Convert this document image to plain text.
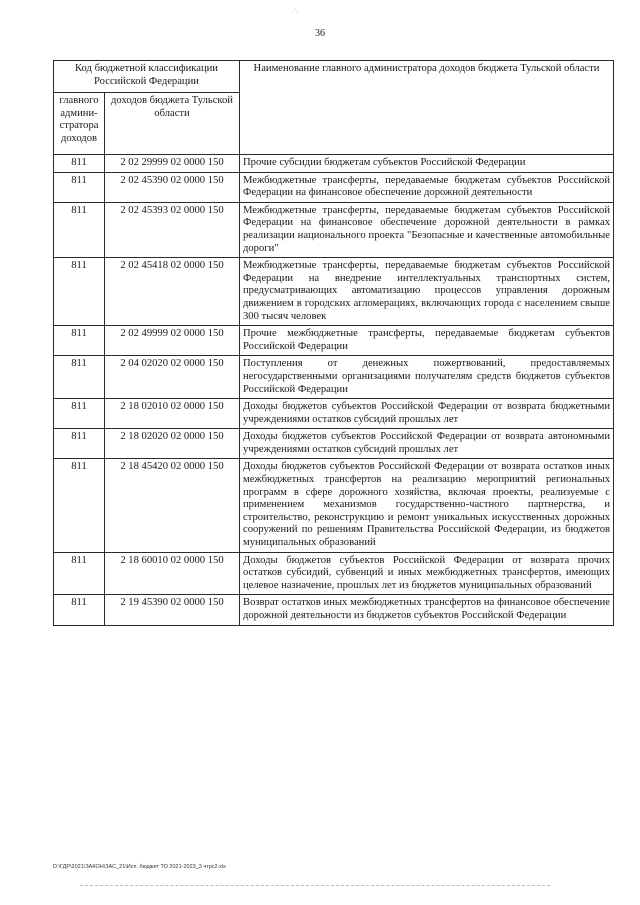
·´·
36
Код бюджетной классификации Российской Федерации		Наименование главного администратора доходов бюджета Тульской области
главного админи-стратора доходов	доходов бюджета Тульской области	
811	2 02 29999 02 0000 150	Прочие субсидии бюджетам субъектов Российской Федерации
811	2 02 45390 02 0000 150	Межбюджетные трансферты, передаваемые бюджетам субъектов Российской Федерации на финансовое обеспечение дорожной деятельности
811	2 02 45393 02 0000 150	Межбюджетные трансферты, передаваемые бюджетам субъектов Российской Федерации на финансовое обеспечение дорожной деятельности в рамках реализации национального проекта "Безопасные и качественные автомобильные дороги"
811	2 02 45418 02 0000 150	Межбюджетные трансферты, передаваемые бюджетам субъектов Российской Федерации на внедрение интеллектуальных транспортных систем, предусматривающих автоматизацию процессов управления дорожным движением в городских агломерациях, включающих города с населением свыше 300 тысяч человек
811	2 02 49999 02 0000 150	Прочие межбюджетные трансферты, передаваемые бюджетам субъектов Российской Федерации
811	2 04 02020 02 0000 150	Поступления от денежных пожертвований, предоставляемых негосударственными организациями получателям средств бюджетов субъектов Российской Федерации
811	2 18 02010 02 0000 150	Доходы бюджетов субъектов Российской Федерации от возврата бюджетными учреждениями остатков субсидий прошлых лет
811	2 18 02020 02 0000 150	Доходы бюджетов субъектов Российской Федерации от возврата автономными учреждениями остатков субсидий прошлых лет
811	2 18 45420 02 0000 150	Доходы бюджетов субъектов Российской Федерации от возврата остатков иных межбюджетных трансфертов на реализацию мероприятий региональных программ в сфере дорожного хозяйства, включая проекты, реализуемые с применением механизмов государственно-частного партнерства, и строительство, реконструкцию и ремонт уникальных искусственных дорожных сооружений по решениям Правительства Российской Федерации, из бюджетов муниципальных образований
811	2 18 60010 02 0000 150	Доходы бюджетов субъектов Российской Федерации от возврата прочих остатков субсидий, субвенций и иных межбюджетных трансфертов, имеющих целевое назначение, прошлых лет из бюджетов муниципальных образований
811	2 19 45390 02 0000 150	Возврат остатков иных межбюджетных трансфертов на финансовое обеспечение дорожной деятельности из бюджетов субъектов Российской Федерации
D:\ГДР\2021\ЗАКОН\ЗАС_21\Исп. бюджет ТО 2021-2023_3 чтpc2.xls
